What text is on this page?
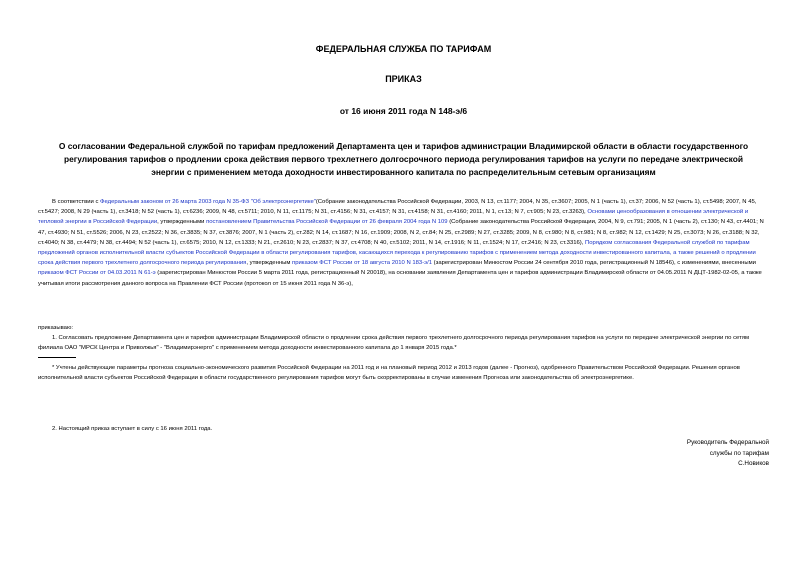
ФЕДЕРАЛЬНАЯ СЛУЖБА ПО ТАРИФАМ
ПРИКАЗ
от 16 июня 2011 года N 148-э/6
О согласовании Федеральной службой по тарифам предложений Департамента цен и тарифов администрации Владимирской области в области государственного регулирования тарифов о продлении срока действия первого трехлетнего долгосрочного периода регулирования тарифов на услуги по передаче электрической энергии с применением метода доходности инвестированного капитала по распределительным сетевым организациям
В соответствии с Федеральным законом от 26 марта 2003 года N 35-ФЗ "Об электроэнергетике"(Собрание законодательства Российской Федерации, 2003, N 13, ст.1177; 2004, N 35, ст.3607; 2005, N 1 (часть 1), ст.37; 2006, N 52 (часть 1), ст.5498; 2007, N 45, ст.5427; 2008, N 29 (часть 1), ст.3418; N 52 (часть 1), ст.6236; 2009, N 48, ст.5711; 2010, N 11, ст.1175; N 31, ст.4156; N 31, ст.4157; N 31, ст.4158; N 31, ст.4160; 2011, N 1, ст.13; N 7, ст.905; N 23, ст.3263), Основами ценообразования в отношении электрической и тепловой энергии в Российской Федерации, утвержденными постановлением Правительства Российской Федерации от 26 февраля 2004 года N 109 (Собрание законодательства Российской Федерации, 2004, N 9, ст.791; 2005, N 1 (часть 2), ст.130; N 43, ст.4401; N 47, ст.4930; N 51, ст.5526; 2006, N 23, ст.2522; N 36, ст.3835; N 37, ст.3876; 2007, N 1 (часть 2), ст.282; N 14, ст.1687; N 16, ст.1909; 2008, N 2, ст.84; N 25, ст.2989; N 27, ст.3285; 2009, N 8, ст.980; N 8, ст.981; N 8, ст.982; N 12, ст.1429; N 25, ст.3073; N 26, ст.3188; N 32, ст.4040; N 38, ст.4479; N 38, ст.4494; N 52 (часть 1), ст.6575; 2010, N 12, ст.1333; N 21, ст.2610; N 23, ст.2837; N 37, ст.4708; N 40, ст.5102; 2011, N 14, ст.1916; N 11, ст.1524; N 17, ст.2416; N 23, ст.3316), Порядком согласования Федеральной службой по тарифам предложений органов исполнительной власти субъектов Российской Федерации в области регулирования тарифов, касающихся перехода к регулированию тарифов с применением метода доходности инвестированного капитала, а также решений о продлении срока действия первого трехлетнего долгосрочного периода регулирования, утвержденным приказом ФСТ России от 18 августа 2010 N 183-э/1 (зарегистрирован Минюстом России 24 сентября 2010 года, регистрационный N 18546), с изменениями, внесенными приказом ФСТ России от 04.03.2011 N 61-э (зарегистрирован Минюстом России 5 марта 2011 года, регистрационный N 20018), на основании заявления Департамента цен и тарифов администрации Владимирской области от 04.05.2011 N ДЦТ-1982-02-05, а также учитывая итоги рассмотрения данного вопроса на Правлении ФСТ России (протокол от 15 июня 2011 года N 36-э),
приказываю:
1. Согласовать предложение Департамента цен и тарифов администрации Владимирской области о продлении срока действия первого трехлетнего долгосрочного периода регулирования тарифов на услуги по передаче электрической энергии по сетям филиала ОАО "МРСК Центра и Приволжья" - "Владимирэнерго" с применением метода доходности инвестированного капитала до 1 января 2015 года.*
* Учтены действующие параметры прогноза социально-экономического развития Российской Федерации на 2011 год и на плановый период 2012 и 2013 годов (далее - Прогноз), одобренного Правительством Российской Федерации. Решения органов исполнительной власти субъектов Российской Федерации в области государственного регулирования тарифов могут быть скорректированы в случае изменения Прогноза или законодательства об электроэнергетике.
2. Настоящий приказ вступает в силу с 16 июня 2011 года.
Руководитель Федеральной
службы по тарифам
С.Новиков
